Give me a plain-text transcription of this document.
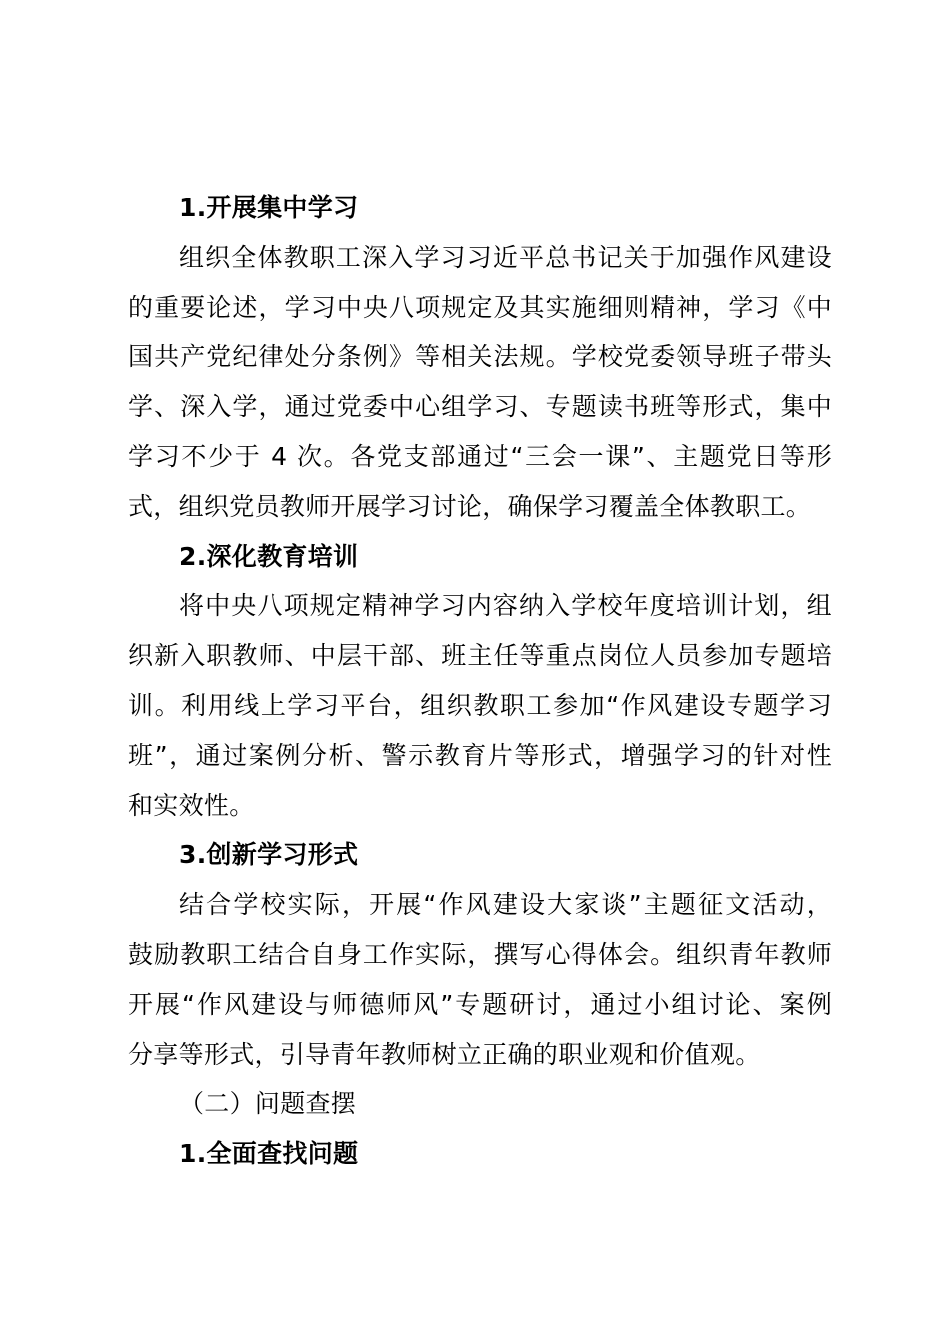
1.开展集中学习
组织全体教职工深入学习习近平总书记关于加强作风建设
的重要论述，学习中央八项规定及其实施细则精神，学习《中
国共产党纪律处分条例》等相关法规。学校党委领导班子带头
学、深入学，通过党委中心组学习、专题读书班等形式，集中
学习不少于 4 次。各党支部通过“三会一课”、主题党日等形
式，组织党员教师开展学习讨论，确保学习覆盖全体教职工。
2.深化教育培训
将中央八项规定精神学习内容纳入学校年度培训计划，组
织新入职教师、中层干部、班主任等重点岗位人员参加专题培
训。利用线上学习平台，组织教职工参加“作风建设专题学习
班”，通过案例分析、警示教育片等形式，增强学习的针对性
和实效性。
3.创新学习形式
结合学校实际，开展“作风建设大家谈”主题征文活动，
鼓励教职工结合自身工作实际，撰写心得体会。组织青年教师
开展“作风建设与师德师风”专题研讨，通过小组讨论、案例
分享等形式，引导青年教师树立正确的职业观和价值观。
（二）问题查摆
1.全面查找问题
